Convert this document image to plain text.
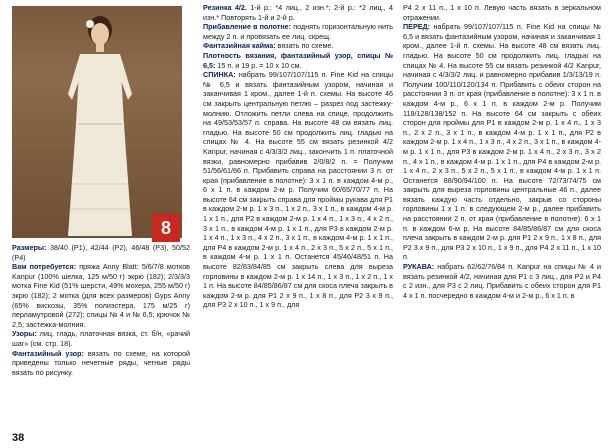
8

Размеры: 38/40 (Р1), 42/44 (Р2), 46/48 (Р3), 50/52 (Р4)

Вам потребуется: пряжа Anny Blatt: 5/6/7/8 мотков Kanpur (100% шелка, 125 м/50 г) экрю (182); 2/3/3/3 мотка Fine Kid (51% шерсти, 49% мохера, 255 м/50 г) экрю (182); 2 мотка (для всех размеров) Gyps Anny (65% вискозы, 35% полиэстера, 175 м/25 г) перламутровой (272); спицы № 4 и № 6,5; крючок № 2,5; застежка-молния.

Узоры: лиц. гладь, платочная вязка, ст. б/н, «рачий шаг» (см. стр. 18).

Фантазийный узор: вязать по схеме, на которой приведены только нечетные ряды, четные ряды вязать по рисунку.

Резинка 4/2. 1-й р.: *4 лиц., 2 изн.*; 2-й р.: *2 лиц., 4 изн.* Повторять 1-й и 2-й р.

Прибавление в полотне: поднять горизонтальную нить между 2 п. и провязать ее лиц. скрещ.

Фантазийная кайма: вязать по схеме.

Плотность вязания, фантазийный узор, спицы № 6,5: 15 п. и 19 р. = 10 х 10 см.

СПИНКА: набрать 99/107/107/115 п. Fine Kid на спицы № 6,5 и вязать фантазийным узором, начиная и заканчивая 1 кром., далее 1-й п. схемы. На высоте 46 см закрыть центральную петлю – разрез под застежку-молнию. Отложить петли слева на спице, продолжить на 49/53/53/57 п. справа. На высоте 48 см вязать лиц. гладью. На высоте 50 см продолжить лиц. гладью на спицах № 4. На высоте 55 см вязать резинкой 4/2 Kanpur, начиная с 4/3/3/2 лиц., закончить 1 п. платочной вязки, равномерно прибавив 2/0/8/2 п. = Получим 51/56/61/66 п. Прибавить справа на расстоянии 3 п. от края (прибавление в полотне): 3 х 1 п. в каждом 4-м р., 6 х 1 п. в каждом 2-м р. Получим 60/65/70/77 п. На высоте 64 см закрыть справа для проймы рукава для Р1 в каждом 2-м р. 1 х 3 п., 1 х 2 п., 3 х 1 п., в каждом 4-м р. 1 х 1 п., для Р2 в каждом 2-м р. 1 х 4 п., 1 х 3 п., 4 х 2 п., 3 х 1 п., в каждом 4-м р. 1 х 1 п., для Р3 в каждом 2-м р. 1 х 4 п., 1 х 3 п., 4 х 2 п., 3 х 1 п., в каждом 4-м р. 1 х 1 п., для Р4 в каждом 2-м р. 1 х 4 п., 2 х 3 п., 5 х 2 п., 5 х 1 п., в каждом 4-м р. 1 х 1 п. Останется 45/46/48/51 п. На высоте 82/83/84/85 см закрыть слева для выреза горловины в каждом 2-м р. 1 х 14 п., 1 х 3 п., 1 х 2 п., 1 х 1 п. На высоте 84/85/86/87 см для скоса плеча закрыть в каждом 2-м р. для Р1 2 х 9 п., 1 х 8 п., для Р2 3 х 9 п., для Р3 2 х 10 п., 1 х 9 п., для

Р4 2 х 11 п., 1 х 10 п. Левую часть вязать в зеркальном отражении.

ПЕРЕД: набрать 99/107/107/115 п. Fine Kid на спицы № 6,5 и вязать фантазийным узором, начиная и заканчивая 1 кром., далее 1-й п. схемы. На высоте 48 см вязать лиц. гладью. На высоте 50 см продолжить лиц. гладью на спицах № 4. На высоте 55 см вязать резинкой 4/2 Kanpur, начиная с 4/3/3/2 лиц. и равномерно прибавив 1/3/13/19 п. Получим 100/110/120/134 п. Прибавить с обеих сторон на расстоянии 3 п. от края (прибавление в полотне): 3 х 1 п. в каждом 4-м р., 6 х 1 п. в каждом 2-м р. Получим 118/128/138/152 п. На высоте 64 см закрыть с обеих сторон для проймы для Р1 в каждом 2-м р. 1 х 4 п., 1 х 3 п., 2 х 2 п., 3 х 1 п., в каждом 4-м р. 1 х 1 п., для Р2 в каждом 2-м р. 1 х 4 п., 1 х 3 п., 4 х 2 п., 3 х 1 п., в каждом 4-м р. 1 х 1 п., для Р3 в каждом 2-м р. 1 х 4 п., 2 х 3 п., 3 х 2 п., 4 х 1 п., в каждом 4-м р. 1 х 1 п., для Р4 в каждом 2-м р. 1 х 4 п., 2 х 3 п., 5 х 2 п., 5 х 1 п., в каждом 4-м р. 1 х 1 п. Останется 88/90/94/100 п. На высоте 72/73/74/75 см закрыть для выреза горловины центральные 46 п., далее вязать каждую часть отдельно, закрыв со стороны горловины 1 х 1 п. в следующем 2-м р., далее прибавить на расстоянии 2 п. от края (прибавление в полотне): 6 х 1 п. в каждом 6-м р. На высоте 84/85/86/87 см для скоса плеча закрыть в каждом 2-м р. для Р1 2 х 9 п., 1 х 8 п., для Р2 3 х 9 п., для Р3 2 х 10 п., 1 х 9 п., для Р4 2 х 11 п., 1 х 10 п.

РУКАВА: набрать 62/62/76/84 п. Kanpur на спицы № 4 и вязать резинкой 4/2, начиная для Р1 с 3 лиц., для Р2 и Р4 с 2 изн., для Р3 с 2 лиц. Прибавить с обеих сторон для Р1 4 х 1 п. посчередно в каждом 4-м и 2-м р., 6 х 1 п. в

38
